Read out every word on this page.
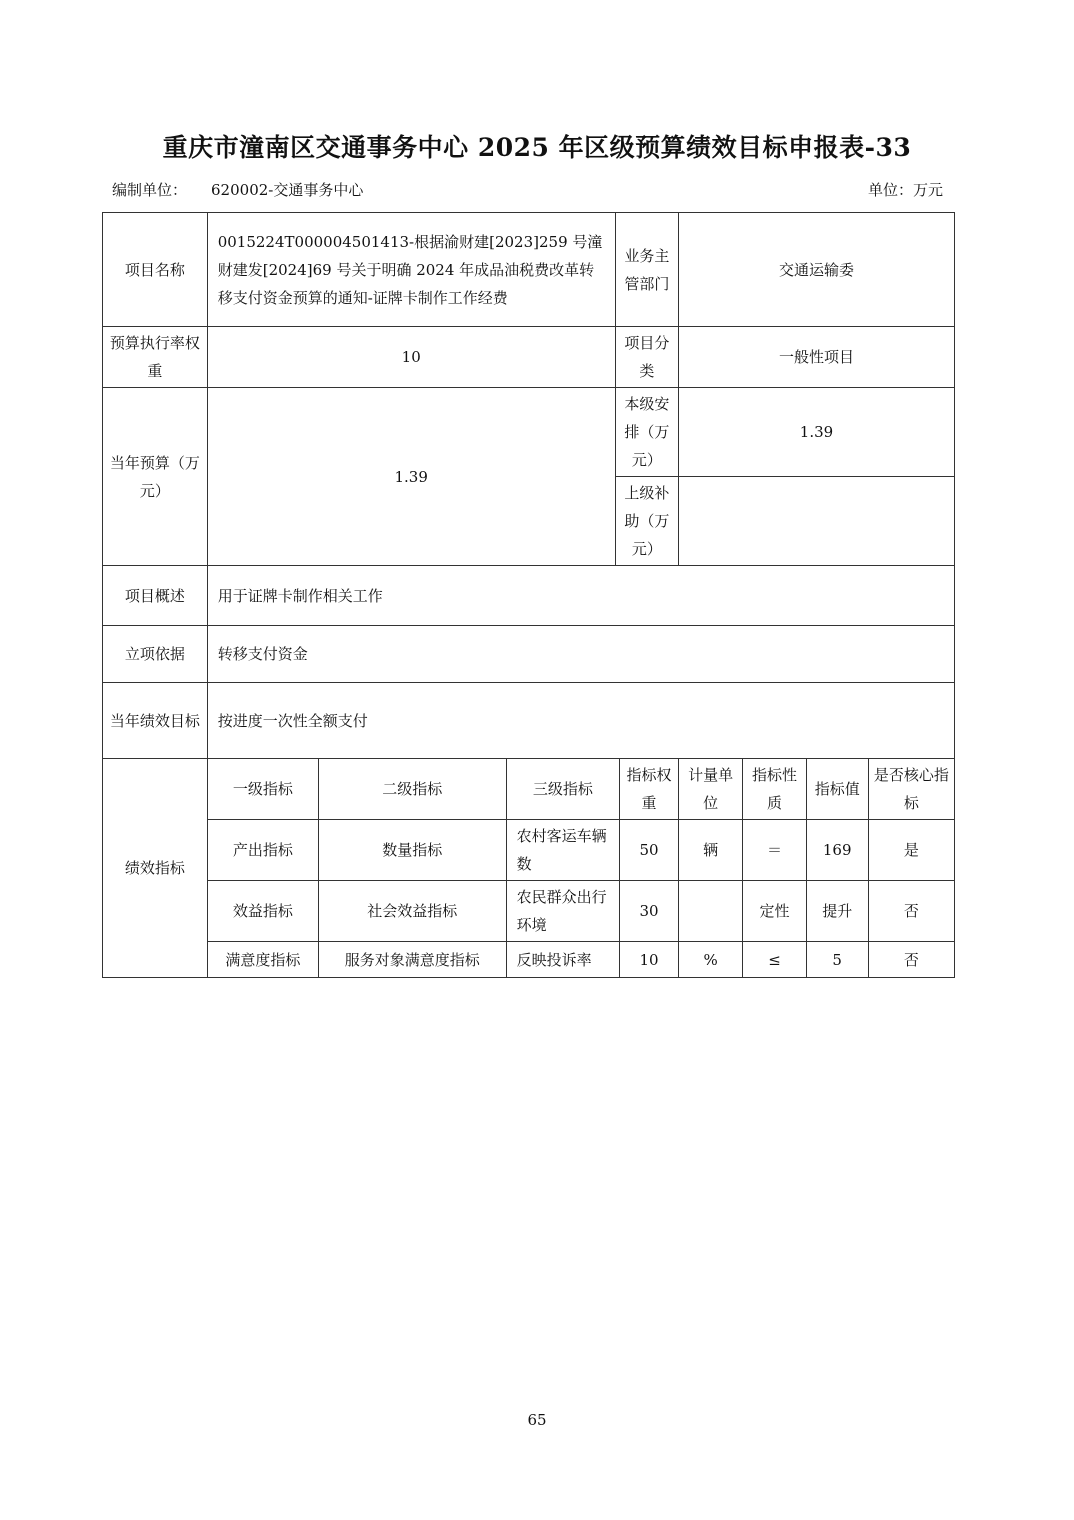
重庆市潼南区交通事务中心 2025 年区级预算绩效目标申报表-33
编制单位： 620002-交通事务中心	单位：万元
项目名称	0015224T000004501413-根据渝财建[2023]259 号潼财建发[2024]69 号关于明确 2024 年成品油税费改革转移支付资金预算的通知-证牌卡制作工作经费			业务主管部门		交通运输委			
预算执行率权重	10			项目分类		一般性项目			
当年预算（万元）	1.39			本级安排（万元）		1.39			
				上级补助（万元）					
项目概述	用于证牌卡制作相关工作								
立项依据	转移支付资金								
当年绩效目标	按进度一次性全额支付								
绩效指标	一级指标	二级指标	三级指标		指标权重	计量单位	指标性质	指标值	是否核心指标
	产出指标	数量指标	农村客运车辆数		50	辆	＝	169	是
	效益指标	社会效益指标	农民群众出行环境		30		定性	提升	否
	满意度指标	服务对象满意度指标	反映投诉率		10	%	≤	5	否
65
